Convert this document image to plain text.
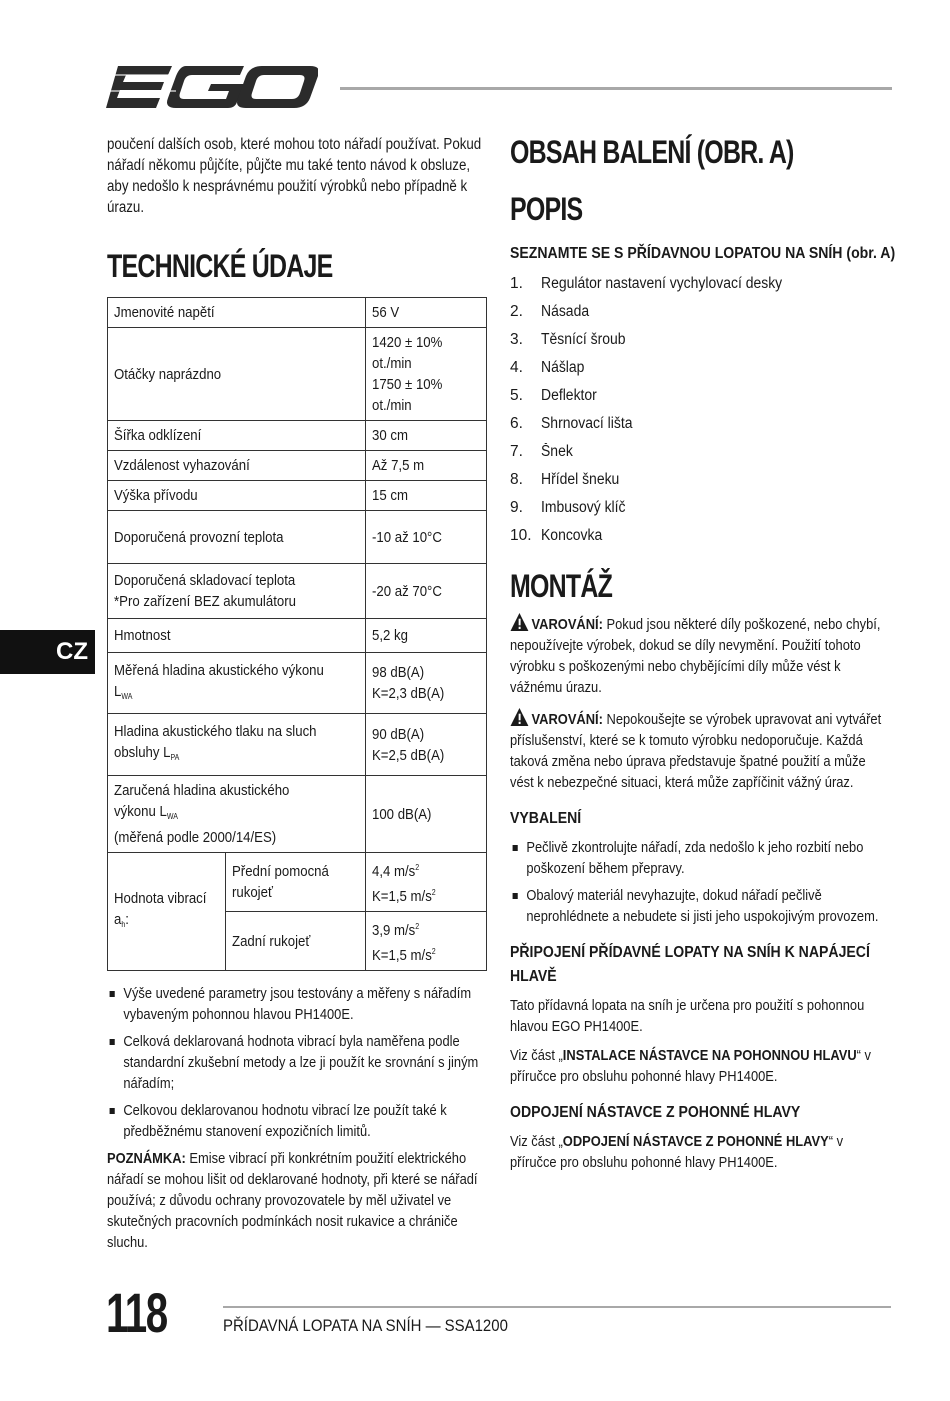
CZ

poučení dalších osob, které mohou toto nářadí používat. Pokud nářadí někomu půjčíte, půjčte mu také tento návod k obsluze, aby nedošlo k nesprávnému použití výrobků nebo případně k úrazu.

TECHNICKÉ ÚDAJE
Jmenovité napětí		56 V
Otáčky naprázdno		1420 ± 10%
ot./min
1750 ± 10%
ot./min
Šířka odklízení		30 cm
Vzdálenost vyhazování		Až 7,5 m
Výška přívodu		15 cm
Doporučená provozní teplota		-10 až 10°C
Doporučená skladovací teplota
*Pro zařízení BEZ akumulátoru		-20 až 70°C
Hmotnost		5,2 kg
Měřená hladina akustického výkonu
$L_{WA}$		98 dB(A)
K=2,3 dB(A)
Hladina akustického tlaku na sluch
obsluhy $L_{PA}$		90 dB(A)
K=2,5 dB(A)
Zaručená hladina akustického
výkonu $L_{WA}$
(měřená podle 2000/14/ES)		100 dB(A)
Hodnota vibrací
$a_h$:	Přední pomocná
rukojeť	4,4 $m/s^2$
K=1,5 $m/s^2$
	Zadní rukojeť	3,9 $m/s^2$
K=1,5 $m/s^2$
Výše uvedené parametry jsou testovány a měřeny s nářadím vybaveným pohonnou hlavou PH1400E.
Celková deklarovaná hodnota vibrací byla naměřena podle standardní zkušební metody a lze ji použít ke srovnání s jiným nářadím;
Celkovou deklarovanou hodnotu vibrací lze použít také k předběžnému stanovení expozičních limitů.

POZNÁMKA: Emise vibrací při konkrétním použití elektrického nářadí se mohou lišit od deklarované hodnoty, při které se nářadí používá; z důvodu ochrany provozovatele by měl uživatel ve skutečných pracovních podmínkách nosit rukavice a chrániče sluchu.

OBSAH BALENÍ (OBR. A)
POPIS
SEZNAMTE SE S PŘÍDAVNOU LOPATOU NA SNÍH (obr. A)
1.	Regulátor nastavení vychylovací desky
2.	Násada
3.	Těsnící šroub
4.	Nášlap
5.	Deflektor
6.	Shrnovací lišta
7.	Šnek
8.	Hřídel šneku
9.	Imbusový klíč
10. Koncovka
MONTÁŽ

VAROVÁNÍ: Pokud jsou některé díly poškozené, nebo chybí, nepoužívejte výrobek, dokud se díly nevymění. Použití tohoto výrobku s poškozenými nebo chybějícími díly může vést k vážnému úrazu.

VAROVÁNÍ: Nepokoušejte se výrobek upravovat ani vytvářet příslušenství, které se k tomuto výrobku nedoporučuje. Každá taková změna nebo úprava představuje špatné použití a může vést k nebezpečné situaci, která může zapříčinit vážný úraz.

VYBALENÍ
Pečlivě zkontrolujte nářadí, zda nedošlo k jeho rozbití nebo poškození během přepravy.
Obalový materiál nevyhazujte, dokud nářadí pečlivě neprohlédnete a nebudete si jisti jeho uspokojivým provozem.
PŘIPOJENÍ PŘÍDAVNÉ LOPATY NA SNÍH K NAPÁJECÍ HLAVĚ

Tato přídavná lopata na sníh je určena pro použití s pohonnou hlavou EGO PH1400E.

Viz část „INSTALACE NÁSTAVCE NA POHONNOU HLAVU“ v příručce pro obsluhu pohonné hlavy PH1400E.

ODPOJENÍ NÁSTAVCE Z POHONNÉ HLAVY

Viz část „ODPOJENÍ NÁSTAVCE Z POHONNÉ HLAVY“ v příručce pro obsluhu pohonné hlavy PH1400E.

118	PŘÍDAVNÁ LOPATA NA SNÍH — SSA1200
